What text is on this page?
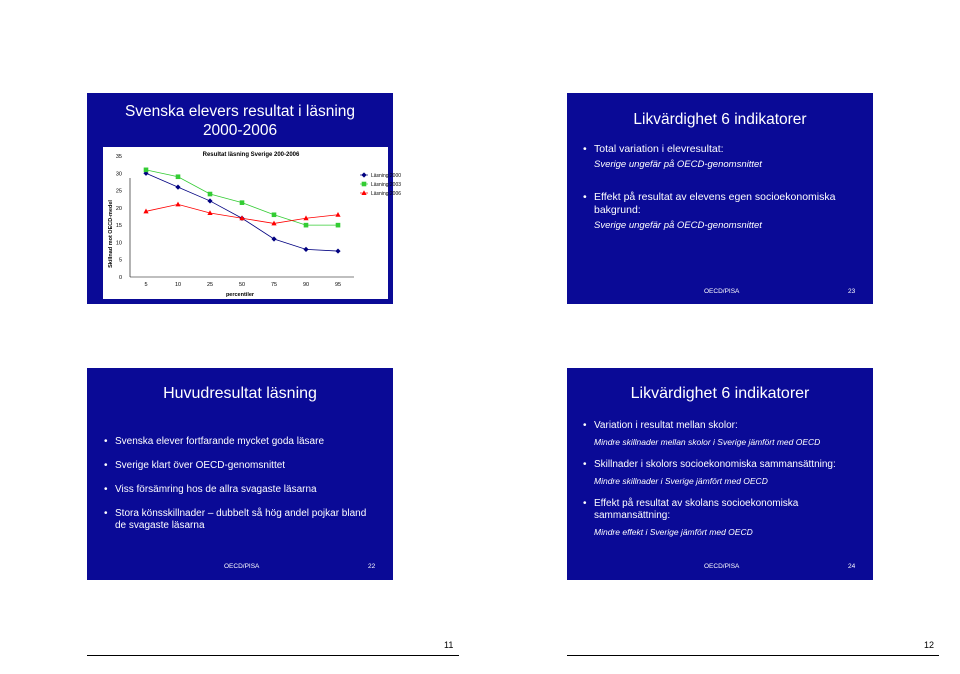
Svenska elevers resultat i läsning 2000-2006
Resultat läsning Sverige 200-2006
Skillnad mot OECD-medel
percentiler
0
5
10
15
20
25
30
35
5	10	25	50	75	90	95
Läsning 2000
Läsning 2003
Läsning 2006
Likvärdighet 6 indikatorer
• Total variation i elevresultat:
Sverige ungefär på OECD-genomsnittet
• Effekt på resultat av elevens egen socioekonomiska bakgrund:
Sverige ungefär på OECD-genomsnittet
OECD/PISA	23
Huvudresultat läsning
• Svenska elever fortfarande mycket goda läsare
• Sverige klart över OECD-genomsnittet
• Viss försämring hos de allra svagaste läsarna
• Stora könsskillnader – dubbelt så hög andel pojkar bland de svagaste läsarna
OECD/PISA	22
Likvärdighet 6 indikatorer
• Variation i resultat mellan skolor:
Mindre skillnader mellan skolor i Sverige jämfört med OECD
• Skillnader i skolors socioekonomiska sammansättning:
Mindre skillnader i Sverige jämfört med OECD
• Effekt på resultat av skolans socioekonomiska sammansättning:
Mindre effekt i Sverige jämfört med OECD
OECD/PISA	24
11	12
